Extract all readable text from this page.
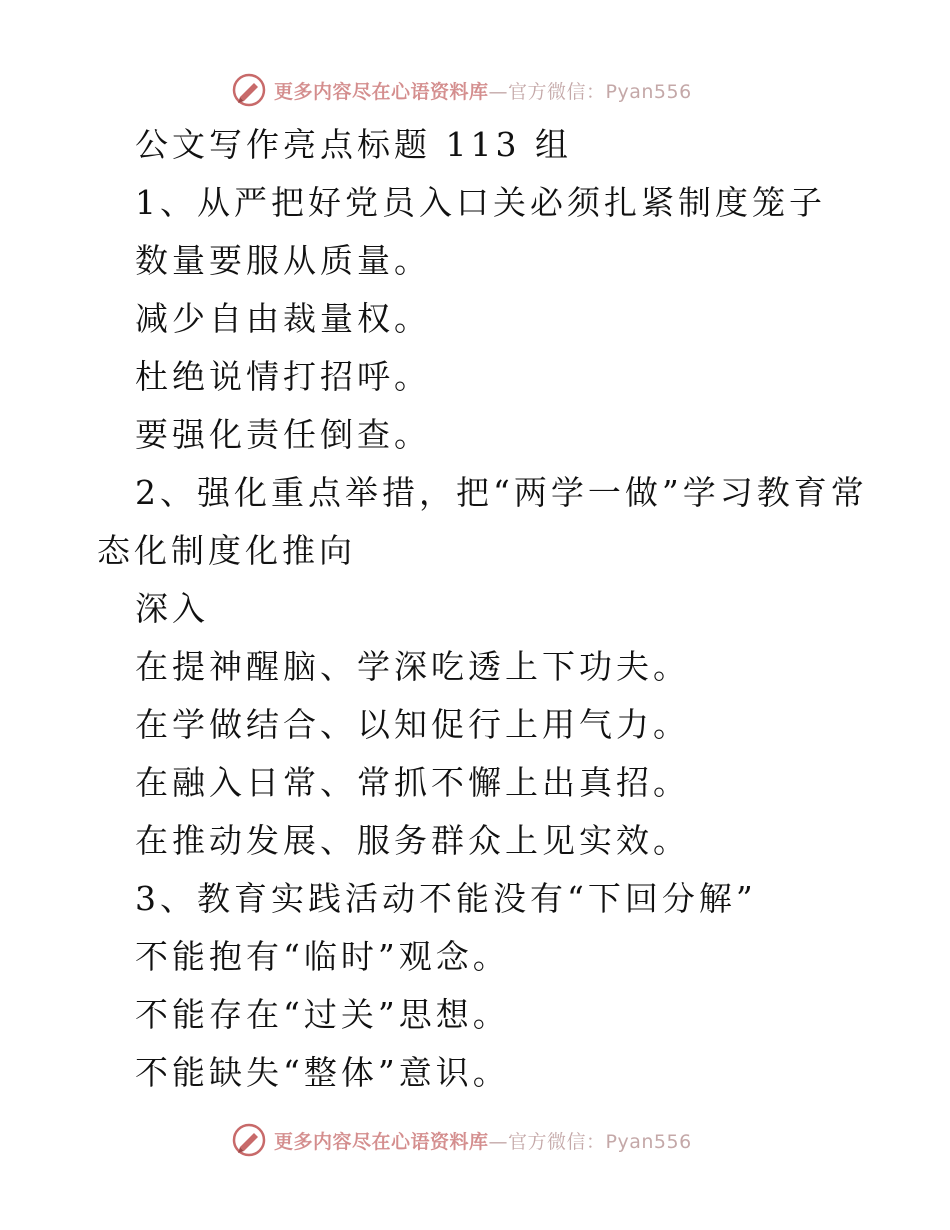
更多内容尽在心语资料库—官方微信：Pyan556
公文写作亮点标题 113 组
1、从严把好党员入口关必须扎紧制度笼子
数量要服从质量。
减少自由裁量权。
杜绝说情打招呼。
要强化责任倒查。
2、强化重点举措，把“两学一做”学习教育常
态化制度化推向
深入
在提神醒脑、学深吃透上下功夫。
在学做结合、以知促行上用气力。
在融入日常、常抓不懈上出真招。
在推动发展、服务群众上见实效。
3、教育实践活动不能没有“下回分解”
不能抱有“临时”观念。
不能存在“过关”思想。
不能缺失“整体”意识。
更多内容尽在心语资料库—官方微信：Pyan556
